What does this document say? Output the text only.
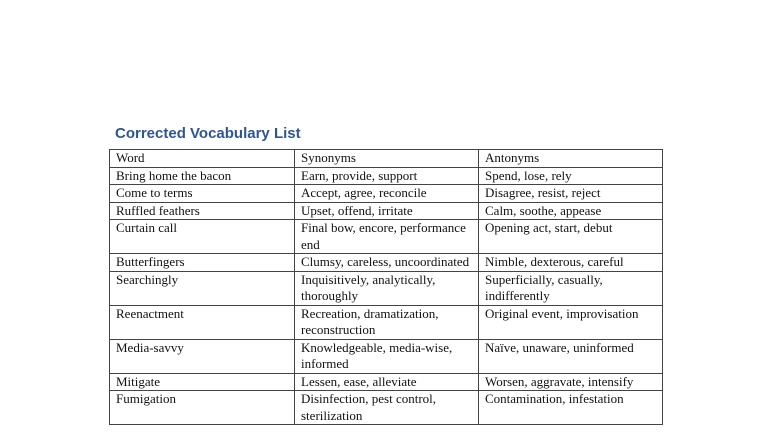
Corrected Vocabulary List
Word	Synonyms	Antonyms
Bring home the bacon	Earn, provide, support	Spend, lose, rely
Come to terms	Accept, agree, reconcile	Disagree, resist, reject
Ruffled feathers	Upset, offend, irritate	Calm, soothe, appease
Curtain call	Final bow, encore, performance end	Opening act, start, debut
Butterfingers	Clumsy, careless, uncoordinated	Nimble, dexterous, careful
Searchingly	Inquisitively, analytically, thoroughly	Superficially, casually, indifferently
Reenactment	Recreation, dramatization, reconstruction	Original event, improvisation
Media-savvy	Knowledgeable, media-wise, informed	Naïve, unaware, uninformed
Mitigate	Lessen, ease, alleviate	Worsen, aggravate, intensify
Fumigation	Disinfection, pest control, sterilization	Contamination, infestation
